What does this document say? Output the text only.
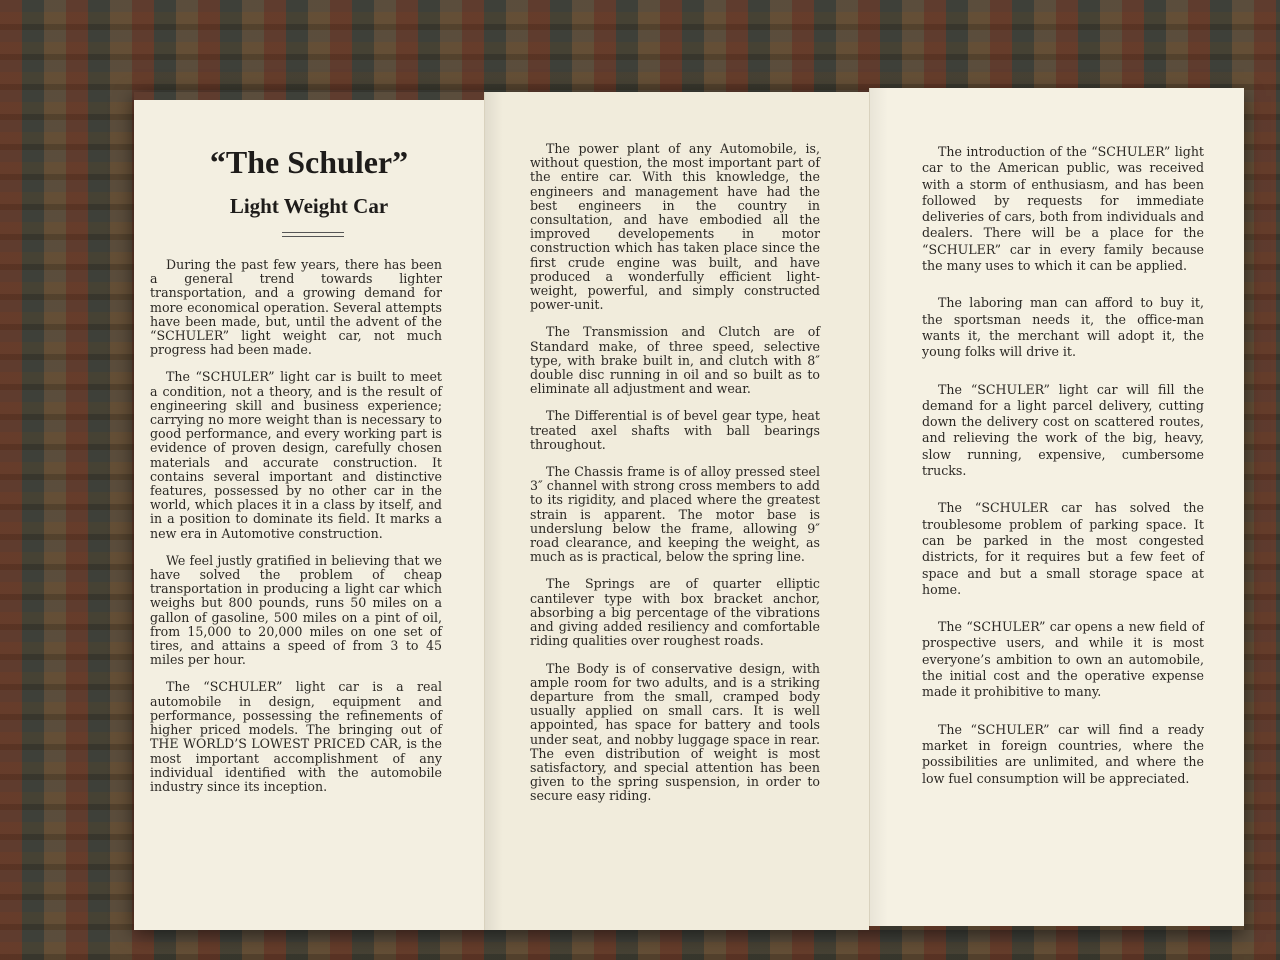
“The Schuler”
Light Weight Car

During the past few years, there has been a general trend towards lighter transportation, and a growing demand for more economical operation. Several attempts have been made, but, until the advent of the “SCHULER” light weight car, not much progress had been made.

The “SCHULER” light car is built to meet a condition, not a theory, and is the result of engineering skill and business experience; carrying no more weight than is necessary to good performance, and every working part is evidence of proven design, carefully chosen materials and accurate construction. It contains several important and distinctive features, possessed by no other car in the world, which places it in a class by itself, and in a position to dominate its field. It marks a new era in Automotive construction.

We feel justly gratified in believing that we have solved the problem of cheap transportation in producing a light car which weighs but 800 pounds, runs 50 miles on a gallon of gasoline, 500 miles on a pint of oil, from 15,000 to 20,000 miles on one set of tires, and attains a speed of from 3 to 45 miles per hour.

The “SCHULER” light car is a real automobile in design, equipment and performance, possessing the refinements of higher priced models. The bringing out of THE WORLD’S LOWEST PRICED CAR, is the most important accomplishment of any individual identified with the automobile industry since its inception.

The power plant of any Automobile, is, without question, the most important part of the entire car. With this knowledge, the engineers and management have had the best engineers in the country in consultation, and have embodied all the improved developements in motor construction which has taken place since the first crude engine was built, and have produced a wonderfully efficient light-weight, powerful, and simply constructed power-unit.

The Transmission and Clutch are of Standard make, of three speed, selective type, with brake built in, and clutch with 8″ double disc running in oil and so built as to eliminate all adjustment and wear.

The Differential is of bevel gear type, heat treated axel shafts with ball bearings throughout.

The Chassis frame is of alloy pressed steel 3″ channel with strong cross members to add to its rigidity, and placed where the greatest strain is apparent. The motor base is underslung below the frame, allowing 9″ road clearance, and keeping the weight, as much as is practical, below the spring line.

The Springs are of quarter elliptic cantilever type with box bracket anchor, absorbing a big percentage of the vibrations and giving added resiliency and comfortable riding qualities over roughest roads.

The Body is of conservative design, with ample room for two adults, and is a striking departure from the small, cramped body usually applied on small cars. It is well appointed, has space for battery and tools under seat, and nobby luggage space in rear. The even distribution of weight is most satisfactory, and special attention has been given to the spring suspension, in order to secure easy riding.

The introduction of the “SCHULER” light car to the American public, was received with a storm of enthusiasm, and has been followed by requests for immediate deliveries of cars, both from individuals and dealers. There will be a place for the “SCHULER” car in every family because the many uses to which it can be applied.

The laboring man can afford to buy it, the sportsman needs it, the office-man wants it, the merchant will adopt it, the young folks will drive it.

The “SCHULER” light car will fill the demand for a light parcel delivery, cutting down the delivery cost on scattered routes, and relieving the work of the big, heavy, slow running, expensive, cumbersome trucks.

The “SCHULER car has solved the troublesome problem of parking space. It can be parked in the most congested districts, for it requires but a few feet of space and but a small storage space at home.

The “SCHULER” car opens a new field of prospective users, and while it is most everyone’s ambition to own an automobile, the initial cost and the operative expense made it prohibitive to many.

The “SCHULER” car will find a ready market in foreign countries, where the possibilities are unlimited, and where the low fuel consumption will be appreciated.
